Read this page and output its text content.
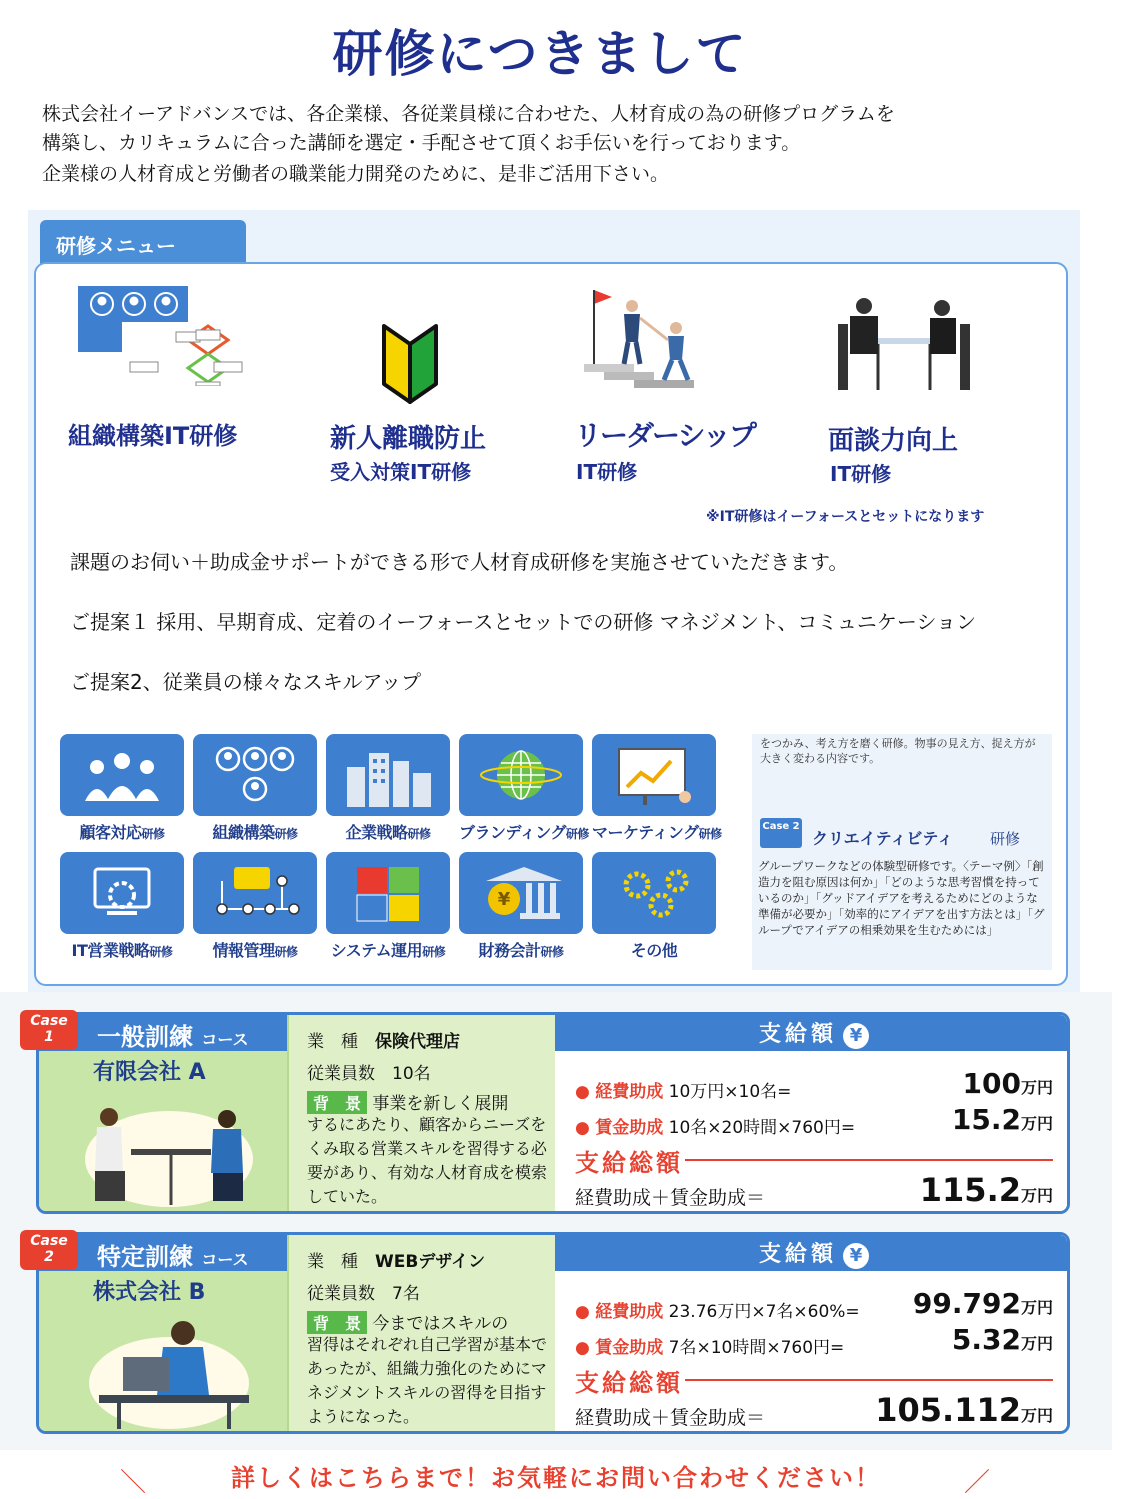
研修につきまして
株式会社イーアドバンスでは、各企業様、各従業員様に合わせた、人材育成の為の研修プログラムを
構築し、カリキュラムに合った講師を選定・手配させて頂くお手伝いを行っております。
企業様の人材育成と労働者の職業能力開発のために、是非ご活用下さい。
研修メニュー
組織構築IT研修	新人離職防止
受入対策IT研修
リーダーシップ
IT研修
面談力向上
IT研修
※IT研修はイーフォースとセットになります
課題のお伺い＋助成金サポートができる形で人材育成研修を実施させていただきます。
ご提案１ 採用、早期育成、定着のイーフォースとセットでの研修 マネジメント、コミュニケーション
ご提案2、従業員の様々なスキルアップ
顧客対応研修	組織構築研修	企業戦略研修	ブランディング研修 マーケティング研修
IT営業戦略研修	情報管理研修	システム運用研修
¥
財務会計研修	その他
をつかみ、考え方を磨く研修。物事の見え方、捉え方が大きく変わる内容です。
Case 2
クリエイティビティ 研修
グループワークなどの体験型研修です。〈テーマ例〉「創造力を阻む原因は何か」「どのような思考習慣を持っているのか」「グッドアイデアを考えるためにどのような準備が必要か」「効率的にアイデアを出す方法とは」「グループでアイデアの相乗効果を生むためには」
一般訓練 コース
有限会社 A
業　種　 保険代理店
従業員数　 10名
背　景 事業を新しく展開
するにあたり、顧客からニーズをくみ取る営業スキルを習得する必要があり、有効な人材育成を模索していた。
支給額 ¥
● 経費助成 10万円×10名=	100万円
● 賃金助成 10名×20時間×760円=	15.2万円
支給総額
経費助成＋賃金助成＝	115.2万円
Case
1
特定訓練 コース
株式会社 B
業　種　 WEBデザイン
従業員数　 7名
背　景 今まではスキルの
習得はそれぞれ自己学習が基本であったが、組織力強化のためにマネジメントスキルの習得を目指すようになった。
支給額 ¥
● 経費助成 23.76万円×7名×60%= 99.792万円
● 賃金助成 7名×10時間×760円=	5.32万円
支給総額
経費助成＋賃金助成＝	105.112万円
Case
2
＼	詳しくはこちらまで！お気軽にお問い合わせください！	／
